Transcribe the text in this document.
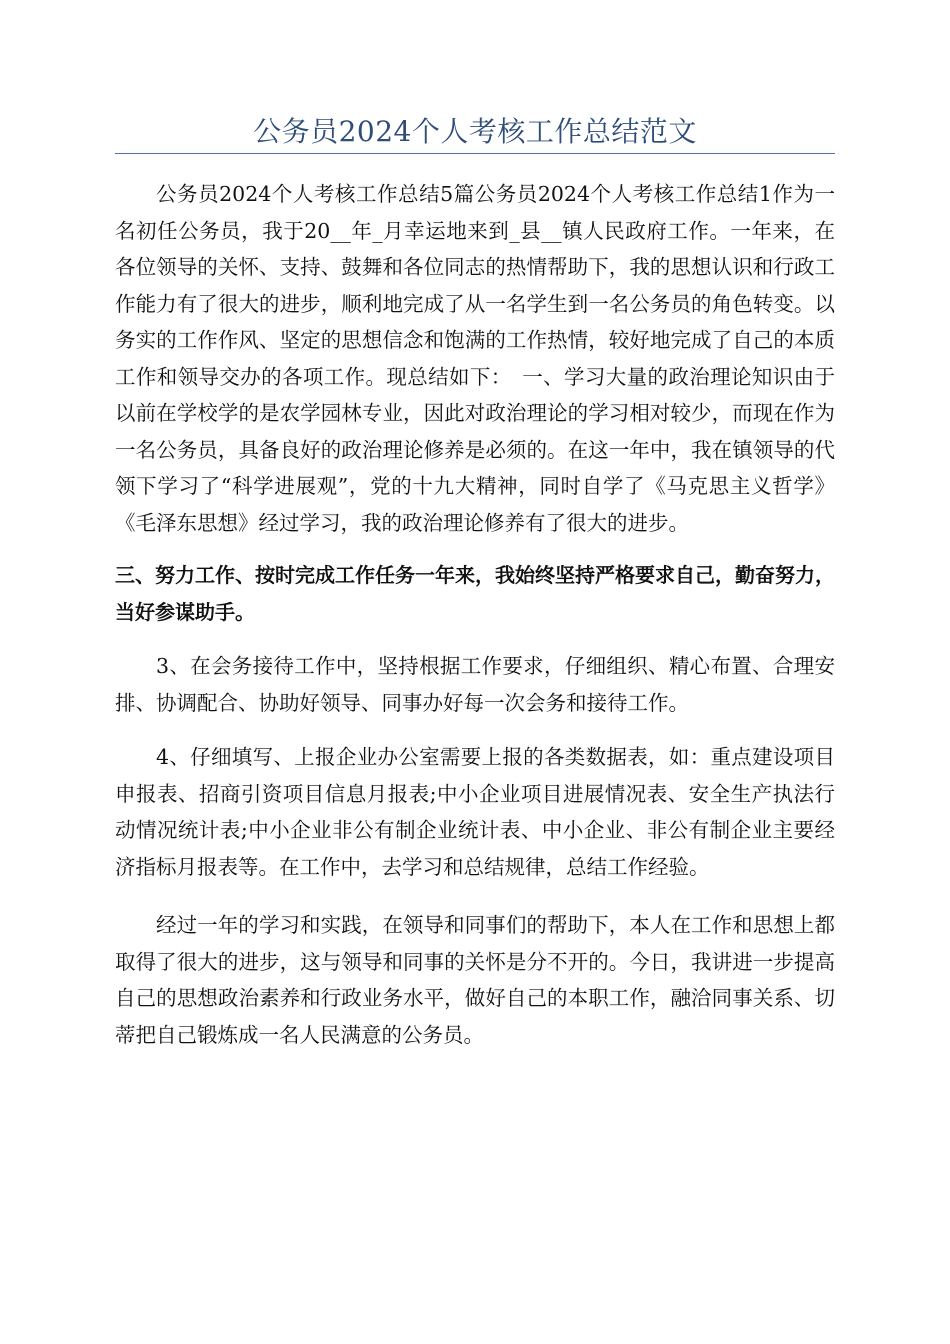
公务员2024个人考核工作总结范文

公务员2024个人考核工作总结5篇公务员2024个人考核工作总结1作为一名初任公务员，我于20__年_月幸运地来到_县__镇人民政府工作。一年来，在各位领导的关怀、支持、鼓舞和各位同志的热情帮助下，我的思想认识和行政工作能力有了很大的进步，顺利地完成了从一名学生到一名公务员的角色转变。以务实的工作作风、坚定的思想信念和饱满的工作热情，较好地完成了自己的本质工作和领导交办的各项工作。现总结如下：　一、学习大量的政治理论知识由于以前在学校学的是农学园林专业，因此对政治理论的学习相对较少，而现在作为一名公务员，具备良好的政治理论修养是必须的。在这一年中，我在镇领导的代领下学习了“科学进展观”，党的十九大精神，同时自学了《马克思主义哲学》《毛泽东思想》经过学习，我的政治理论修养有了很大的进步。

三、努力工作、按时完成工作任务一年来，我始终坚持严格要求自己，勤奋努力，当好参谋助手。

3、在会务接待工作中，坚持根据工作要求，仔细组织、精心布置、合理安排、协调配合、协助好领导、同事办好每一次会务和接待工作。

4、仔细填写、上报企业办公室需要上报的各类数据表，如：重点建设项目申报表、招商引资项目信息月报表;中小企业项目进展情况表、安全生产执法行动情况统计表;中小企业非公有制企业统计表、中小企业、非公有制企业主要经济指标月报表等。在工作中，去学习和总结规律，总结工作经验。

经过一年的学习和实践，在领导和同事们的帮助下，本人在工作和思想上都取得了很大的进步，这与领导和同事的关怀是分不开的。今日，我讲进一步提高自己的思想政治素养和行政业务水平，做好自己的本职工作，融洽同事关系、切蒂把自己锻炼成一名人民满意的公务员。
